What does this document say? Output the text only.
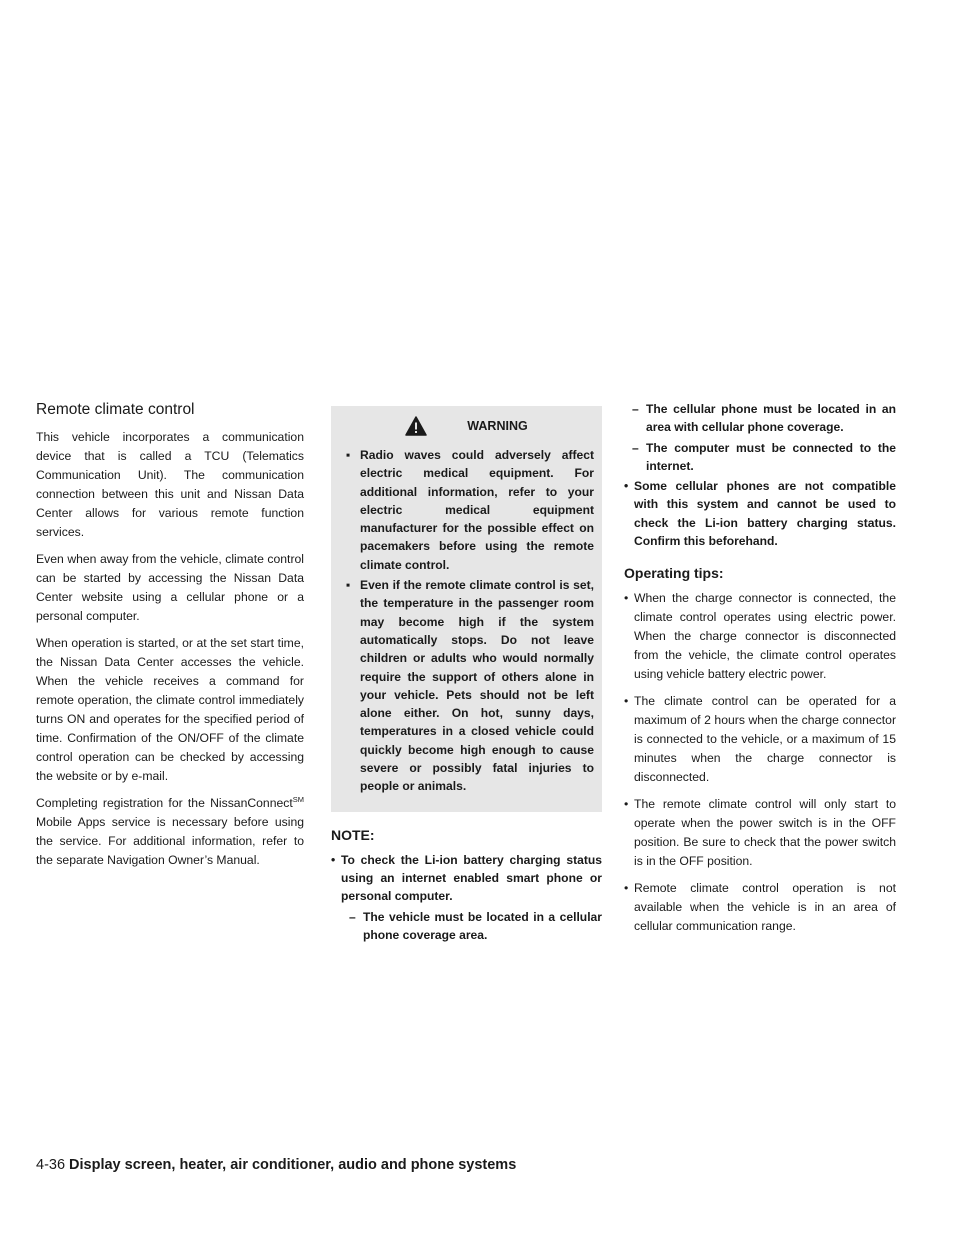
Remote climate control

This vehicle incorporates a communication device that is called a TCU (Telematics Communication Unit). The communication connection between this unit and Nissan Data Center allows for various remote function services.

Even when away from the vehicle, climate control can be started by accessing the Nissan Data Center website using a cellular phone or a personal computer.

When operation is started, or at the set start time, the Nissan Data Center accesses the vehicle. When the vehicle receives a command for remote operation, the climate control immediately turns ON and operates for the specified period of time. Confirmation of the ON/OFF of the climate control operation can be checked by accessing the website or by e-mail.

Completing registration for the NissanConnect℠ Mobile Apps service is necessary before using the service. For additional information, refer to the separate Navigation Owner’s Manual.

WARNING
▪ Radio waves could adversely affect electric medical equipment. For additional information, refer to your electric medical equipment manufacturer for the possible effect on pacemakers before using the remote climate control.
▪ Even if the remote climate control is set, the temperature in the passenger room may become high if the system automatically stops. Do not leave children or adults who would normally require the support of others alone in your vehicle. Pets should not be left alone either. On hot, sunny days, temperatures in a closed vehicle could quickly become high enough to cause severe or possibly fatal injuries to people or animals.
NOTE:
• To check the Li-ion battery charging status using an internet enabled smart phone or personal computer.
– The vehicle must be located in a cellular phone coverage area.
– The cellular phone must be located in an area with cellular phone coverage.
– The computer must be connected to the internet.
• Some cellular phones are not compatible with this system and cannot be used to check the Li-ion battery charging status. Confirm this beforehand.
Operating tips:
• When the charge connector is connected, the climate control operates using electric power. When the charge connector is disconnected from the vehicle, the climate control operates using vehicle battery electric power.
• The climate control can be operated for a maximum of 2 hours when the charge connector is connected to the vehicle, or a maximum of 15 minutes when the charge connector is disconnected.
• The remote climate control will only start to operate when the power switch is in the OFF position. Be sure to check that the power switch is in the OFF position.
• Remote climate control operation is not available when the vehicle is in an area of cellular communication range.
4-36 Display screen, heater, air conditioner, audio and phone systems
